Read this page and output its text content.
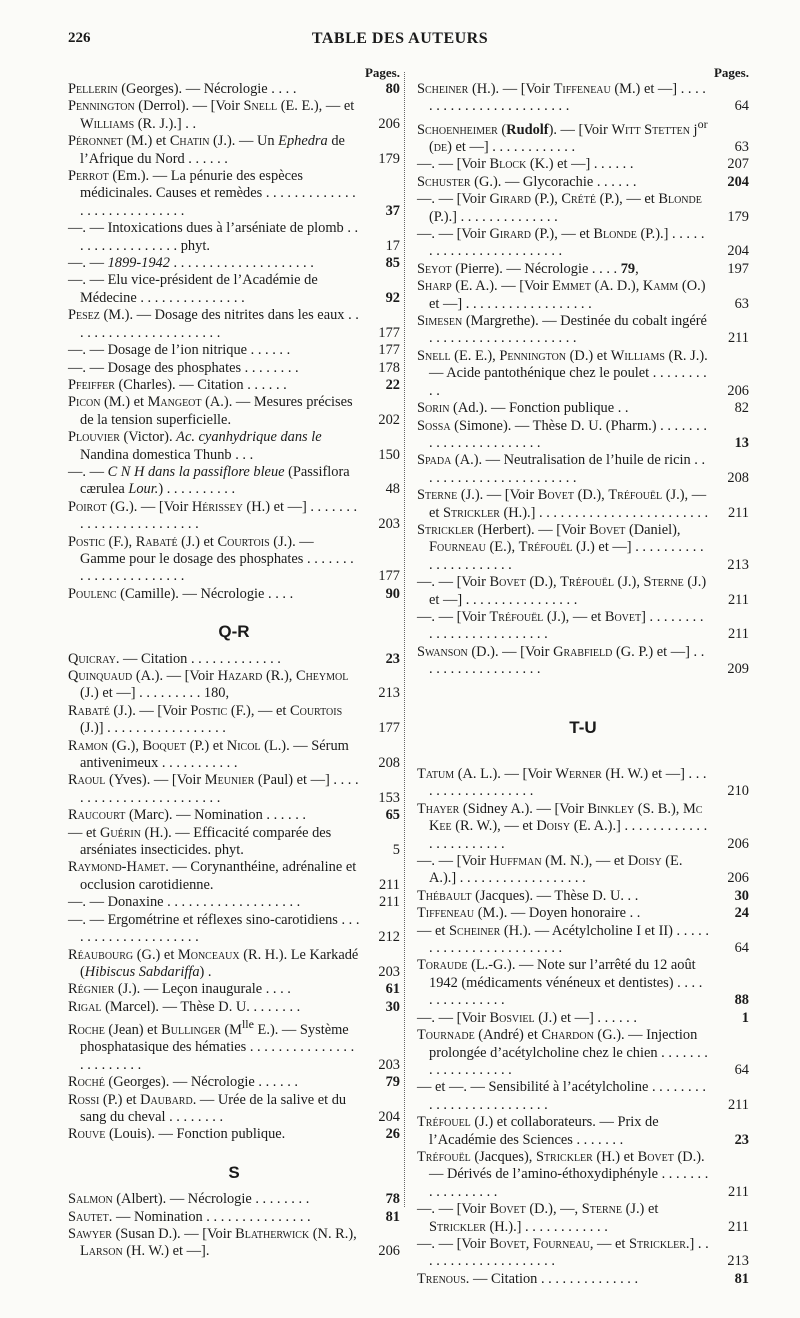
226	TABLE DES AUTEURS
Pages.

Pellerin (Georges). — Nécrologie . . . .	80

Pennington (Derrol). — [Voir Snell (E. E.), — et Williams (R. J.).] . .	206

Péronnet (M.) et Chatin (J.). — Un Ephedra de l’Afrique du Nord . . . . . .	179

Perrot (Em.). — La pénurie des espèces médicinales. Causes et remèdes . . . . . . . . . . . . . . . . . . . . . . . . . . . .	37

—. — Intoxications dues à l’arséniate de plomb . . . . . . . . . . . . . . . . phyt.	17

—. — 1899-1942 . . . . . . . . . . . . . . . . . . . .	85

—. — Elu vice-président de l’Académie de Médecine . . . . . . . . . . . . . . .	92

Pesez (M.). — Dosage des nitrites dans les eaux . . . . . . . . . . . . . . . . . . . . . .	177

—. — Dosage de l’ion nitrique . . . . . .	177

—. — Dosage des phosphates . . . . . . . .	178

Pfeiffer (Charles). — Citation . . . . . .	22

Picon (M.) et Mangeot (A.). — Mesures précises de la tension superficielle.	202

Plouvier (Victor). Ac. cyanhydrique dans le Nandina domestica Thunb . . .	150

—. — C N H dans la passiflore bleue (Passiflora cærulea Lour.) . . . . . . . . . .	48

Poirot (G.). — [Voir Hérissey (H.) et —] . . . . . . . . . . . . . . . . . . . . . . . .	203

Postic (F.), Rabaté (J.) et Courtois (J.). — Gamme pour le dosage des phosphates . . . . . . . . . . . . . . . . . . . . . .	177

Poulenc (Camille). — Nécrologie . . . .	90

Q-R

Quicray. — Citation . . . . . . . . . . . . .	23

Quinquaud (A.). — [Voir Hazard (R.), Cheymol (J.) et —] . . . . . . . . . 180,	213

Rabaté (J.). — [Voir Postic (F.), — et Courtois (J.)] . . . . . . . . . . . . . . . . .	177

Ramon (G.), Boquet (P.) et Nicol (L.). — Sérum antivenimeux . . . . . . . . . . .	208

Raoul (Yves). — [Voir Meunier (Paul) et —] . . . . . . . . . . . . . . . . . . . . . . . .	153

Raucourt (Marc). — Nomination . . . . . .	65

— et Guérin (H.). — Efficacité comparée des arséniates insecticides. phyt.	5

Raymond-Hamet. — Corynanthéine, adrénaline et occlusion carotidienne.	211

—. — Donaxine . . . . . . . . . . . . . . . . . . .	211

—. — Ergométrine et réflexes sino-carotidiens . . . . . . . . . . . . . . . . . . . .	212

Réaubourg (G.) et Monceaux (R. H.). Le Karkadé (Hibiscus Sabdariffa) .	203

Régnier (J.). — Leçon inaugurale . . . .	61

Rigal (Marcel). — Thèse D. U. . . . . . . .	30

Roche (Jean) et Bullinger ($M^{lle}$ E.). — Système phosphatasique des hématies . . . . . . . . . . . . . . . . . . . . . . . .	203

Roché (Georges). — Nécrologie . . . . . .	79

Rossi (P.) et Daubard. — Urée de la salive et du sang du cheval . . . . . . . .	204

Rouve (Louis). — Fonction publique.	26

S

Salmon (Albert). — Nécrologie . . . . . . . .	78

Sautet. — Nomination . . . . . . . . . . . . . . .	81

Sawyer (Susan D.). — [Voir Blatherwick (N. R.), Larson (H. W.) et —].	206

Pages.

Scheiner (H.). — [Voir Tiffeneau (M.) et —] . . . . . . . . . . . . . . . . . . . . . . . .	64

Schoenheimer (Rudolf). — [Voir Witt Stetten $j^{or}$ (de) et —] . . . . . . . . . . . .	63

—. — [Voir Block (K.) et —] . . . . . .	207

Schuster (G.). — Glycorachie . . . . . .	204

—. — [Voir Girard (P.), Crété (P.), — et Blonde (P.).] . . . . . . . . . . . . . .	179

—. — [Voir Girard (P.), — et Blonde (P.).] . . . . . . . . . . . . . . . . . . . . . . . .	204

Seyot (Pierre). — Nécrologie . . . . 79,	197

Sharp (E. A.). — [Voir Emmet (A. D.), Kamm (O.) et —] . . . . . . . . . . . . . . . . . .	63

Simesen (Margrethe). — Destinée du cobalt ingéré . . . . . . . . . . . . . . . . . . . . .	211

Snell (E. E.), Pennington (D.) et Williams (R. J.). — Acide pantothénique chez le poulet . . . . . . . . . .	206

Sorin (Ad.). — Fonction publique . .	82

Sossa (Simone). — Thèse D. U. (Pharm.) . . . . . . . . . . . . . . . . . . . . . . .	13

Spada (A.). — Neutralisation de l’huile de ricin . . . . . . . . . . . . . . . . . . . . . . .	208

Sterne (J.). — [Voir Bovet (D.), Tréfouël (J.), — et Strickler (H.).] . . . . . . . . . . . . . . . . . . . . . . . . 211

Strickler (Herbert). — [Voir Bovet (Daniel), Fourneau (E.), Tréfouël (J.) et —] . . . . . . . . . . . . . . . . . . . . . .	213

—. — [Voir Bovet (D.), Tréfouël (J.), Sterne (J.) et —] . . . . . . . . . . . . . . . .	211

—. — [Voir Tréfouël (J.), — et Bovet] . . . . . . . . . . . . . . . . . . . . . . . . .	211

Swanson (D.). — [Voir Grabfield (G. P.) et —] . . . . . . . . . . . . . . . . . .	209

T-U

Tatum (A. L.). — [Voir Werner (H. W.) et —] . . . . . . . . . . . . . . . . . .	210

Thayer (Sidney A.). — [Voir Binkley (S. B.), Mc Kee (R. W.), — et Doisy (E. A.).] . . . . . . . . . . . . . . . . . . . . . . .	206

—. — [Voir Huffman (M. N.), — et Doisy (E. A.).] . . . . . . . . . . . . . . . . . .	206

Thébault (Jacques). — Thèse D. U. . .	30

Tiffeneau (M.). — Doyen honoraire . .	24

— et Scheiner (H.). — Acétylcholine I et II) . . . . . . . . . . . . . . . . . . . . . . . .	64

Toraude (L.-G.). — Note sur l’arrêté du 12 août 1942 (médicaments vénéneux et dentistes) . . . . . . . . . . . . . . .	88

—. — [Voir Bosviel (J.) et —] . . . . . .	1

Tournade (André) et Chardon (G.). — Injection prolongée d’acétylcholine chez le chien . . . . . . . . . . . . . . . . . . .	64

— et —. — Sensibilité à l’acétylcholine . . . . . . . . . . . . . . . . . . . . . . . . .	211

Tréfouel (J.) et collaborateurs. — Prix de l’Académie des Sciences . . . . . . .	23

Tréfouël (Jacques), Strickler (H.) et Bovet (D.). — Dérivés de l’amino-éthoxydiphényle . . . . . . . . . . . . . . . . .	211

—. — [Voir Bovet (D.), —, Sterne (J.) et Strickler (H.).] . . . . . . . . . . . .	211

—. — [Voir Bovet, Fourneau, — et Strickler.] . . . . . . . . . . . . . . . . . . . .	213

Trenous. — Citation . . . . . . . . . . . . . .	81
